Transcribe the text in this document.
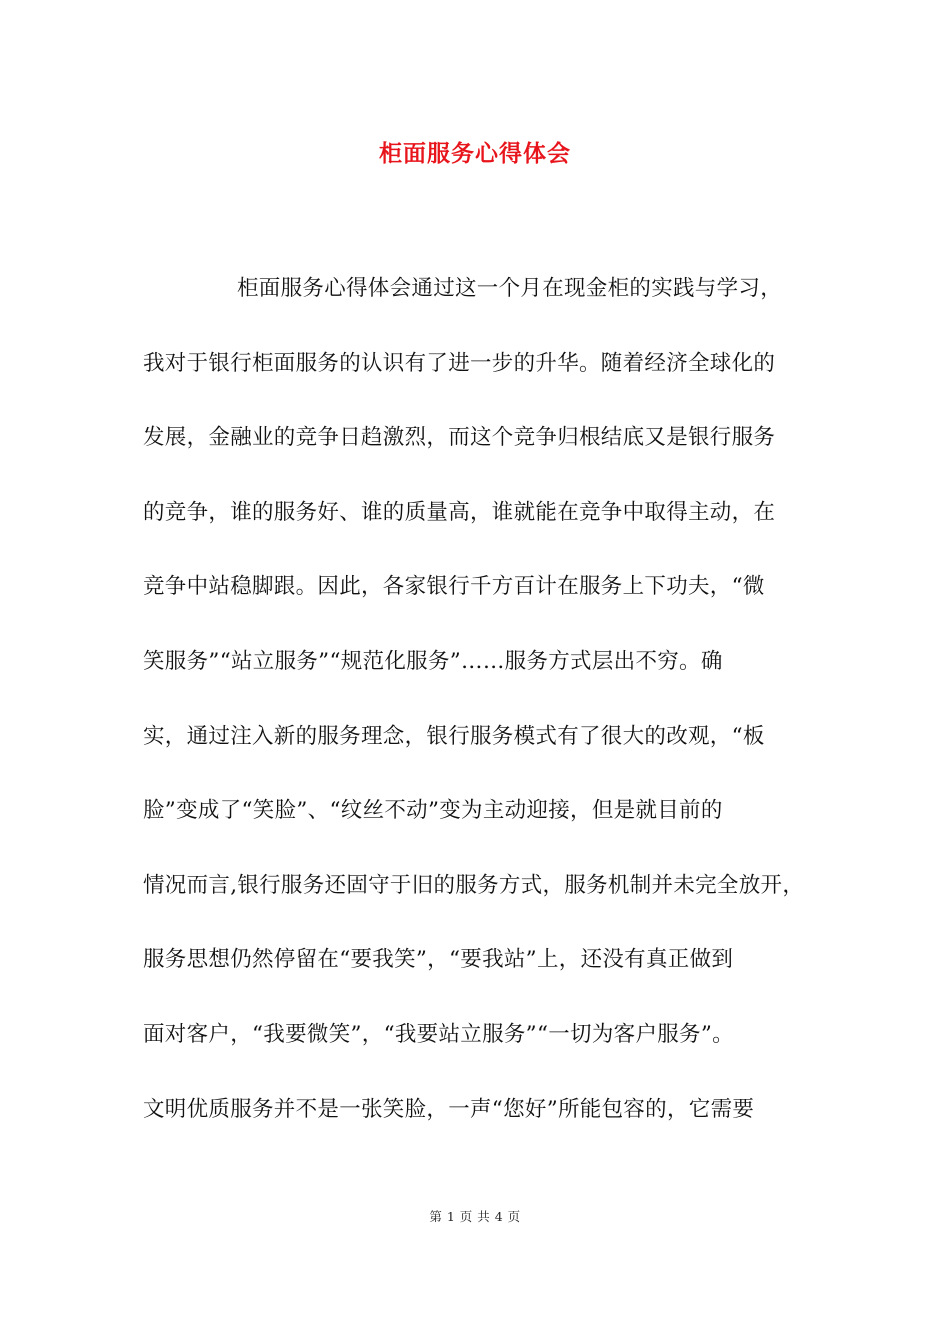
柜面服务心得体会
柜面服务心得体会通过这一个月在现金柜的实践与学习，
我对于银行柜面服务的认识有了进一步的升华。随着经济全球化的
发展，金融业的竞争日趋激烈，而这个竞争归根结底又是银行服务
的竞争，谁的服务好、谁的质量高，谁就能在竞争中取得主动，在
竞争中站稳脚跟。因此，各家银行千方百计在服务上下功夫，“微
笑服务”“站立服务”“规范化服务”……服务方式层出不穷。确
实，通过注入新的服务理念，银行服务模式有了很大的改观，“板
脸”变成了“笑脸”、“纹丝不动”变为主动迎接，但是就目前的
情况而言,银行服务还固守于旧的服务方式，服务机制并未完全放开，
服务思想仍然停留在“要我笑”，“要我站”上，还没有真正做到
面对客户，“我要微笑”，“我要站立服务”“一切为客户服务”。
文明优质服务并不是一张笑脸，一声“您好”所能包容的，它需要
第 1 页 共 4 页
